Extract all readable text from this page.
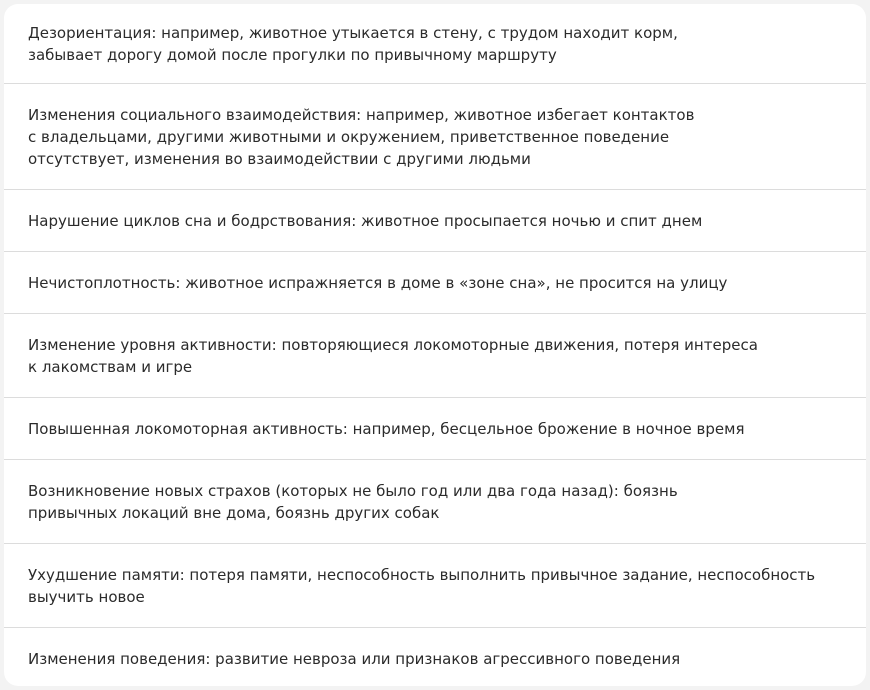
Дезориентация: например, животное утыкается в стену, с трудом находит корм,
забывает дорогу домой после прогулки по привычному маршруту
Изменения социального взаимодействия: например, животное избегает контактов
с владельцами, другими животными и окружением, приветственное поведение
отсутствует, изменения во взаимодействии с другими людьми
Нарушение циклов сна и бодрствования: животное просыпается ночью и спит днем
Нечистоплотность: животное испражняется в доме в «зоне сна», не просится на улицу
Изменение уровня активности: повторяющиеся локомоторные движения, потеря интереса
к лакомствам и игре
Повышенная локомоторная активность: например, бесцельное брожение в ночное время
Возникновение новых страхов (которых не было год или два года назад): боязнь
привычных локаций вне дома, боязнь других собак
Ухудшение памяти: потеря памяти, неспособность выполнить привычное задание, неспособность
выучить новое
Изменения поведения: развитие невроза или признаков агрессивного поведения
